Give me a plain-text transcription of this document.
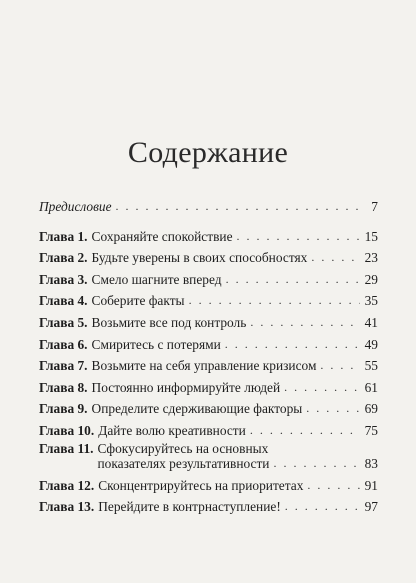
Содержание
Предисловие . . .	7
Глава 1. Сохраняйте спокойствие . . .	15
Глава 2. Будьте уверены в своих способностях . . .	23
Глава 3. Смело шагните вперед . . .	29
Глава 4. Соберите факты . . .	35
Глава 5. Возьмите все под контроль . . .	41
Глава 6. Смиритесь с потерями . . .	49
Глава 7. Возьмите на себя управление кризисом . . .	55
Глава 8. Постоянно информируйте людей . . .	61
Глава 9. Определите сдерживающие факторы . . .	69
Глава 10. Дайте волю креативности . . .	75
Глава 11. Сфокусируйтесь на основных
показателях результативности . . .	83
Глава 12. Сконцентрируйтесь на приоритетах . . .	91
Глава 13. Перейдите в контрнаступление! . . .	97
